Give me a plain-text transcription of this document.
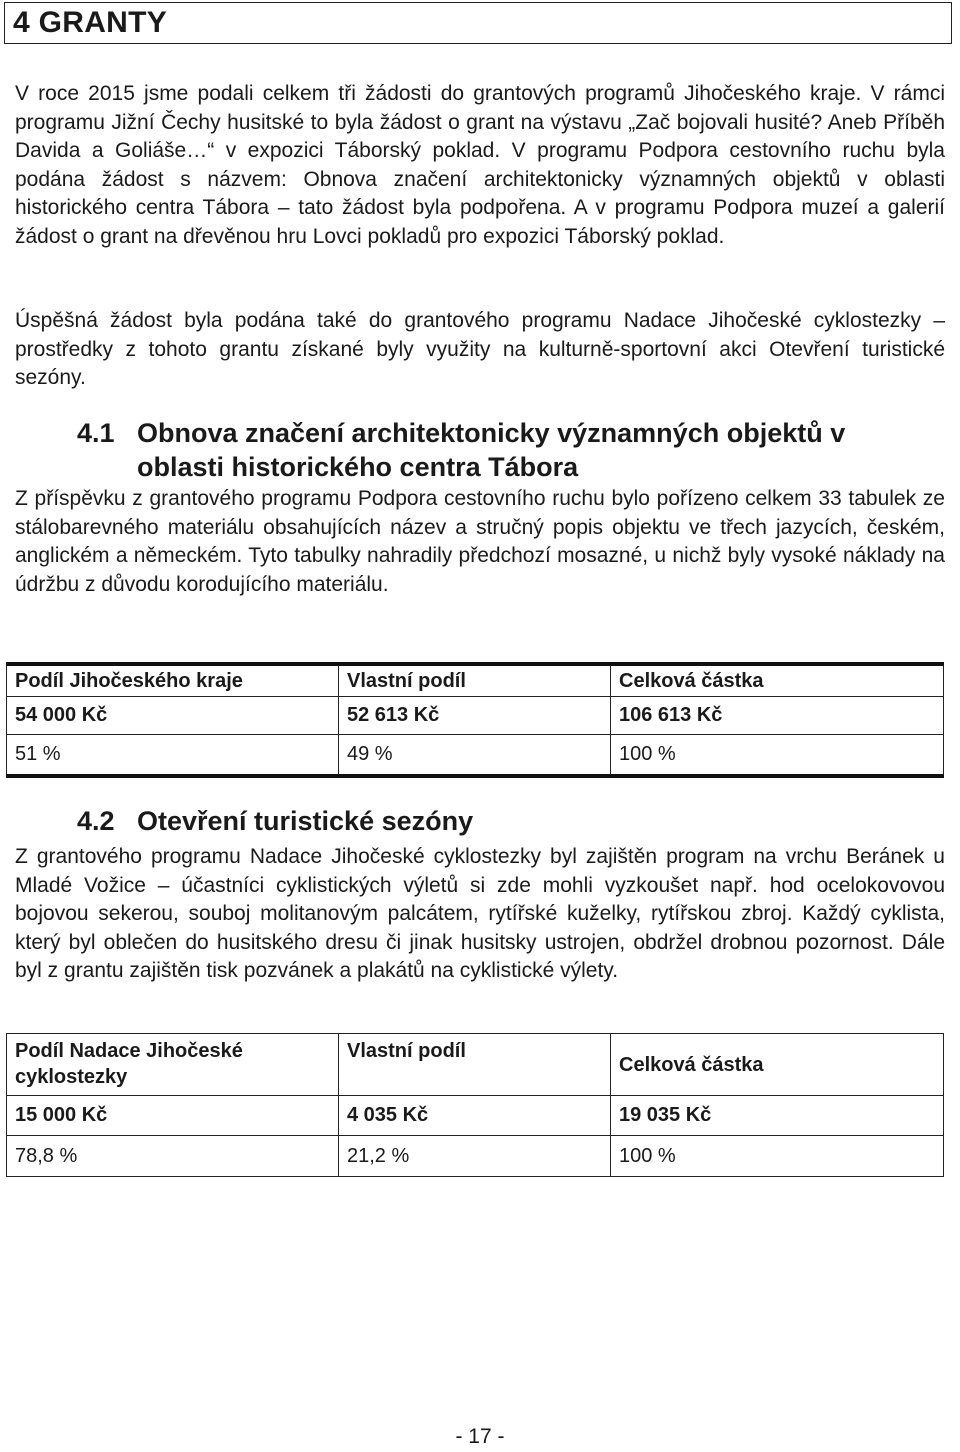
4 GRANTY

V roce 2015 jsme podali celkem tři žádosti do grantových programů Jihočeského kraje. V rámci programu Jižní Čechy husitské to byla žádost o grant na výstavu „Zač bojovali husité? Aneb Příběh Davida a Goliáše…“ v expozici Táborský poklad. V programu Podpora cestovního ruchu byla podána žádost s názvem: Obnova značení architektonicky významných objektů v oblasti historického centra Tábora – tato žádost byla podpořena. A v programu Podpora muzeí a galerií žádost o grant na dřevěnou hru Lovci pokladů pro expozici Táborský poklad.

Úspěšná žádost byla podána také do grantového programu Nadace Jihočeské cyklostezky – prostředky z tohoto grantu získané byly využity na kulturně-sportovní akci Otevření turistické sezóny.

4.1 Obnova značení architektonicky významných objektů v oblasti historického centra Tábora

Z příspěvku z grantového programu Podpora cestovního ruchu bylo pořízeno celkem 33 tabulek ze stálobarevného materiálu obsahujících název a stručný popis objektu ve třech jazycích, českém, anglickém a německém. Tyto tabulky nahradily předchozí mosazné, u nichž byly vysoké náklady na údržbu z důvodu korodujícího materiálu.

Podíl Jihočeského kraje	Vlastní podíl	Celková částka
54 000 Kč	52 613 Kč	106 613 Kč
51 %	49 %	100 %
4.2 Otevření turistické sezóny

Z grantového programu Nadace Jihočeské cyklostezky byl zajištěn program na vrchu Beránek u Mladé Vožice – účastníci cyklistických výletů si zde mohli vyzkoušet např. hod ocelokovovou bojovou sekerou, souboj molitanovým palcátem, rytířské kuželky, rytířskou zbroj. Každý cyklista, který byl oblečen do husitského dresu či jinak husitsky ustrojen, obdržel drobnou pozornost. Dále byl z grantu zajištěn tisk pozvánek a plakátů na cyklistické výlety.

Podíl Nadace Jihočeské cyklostezky	Vlastní podíl	Celková částka
15 000 Kč	4 035 Kč	19 035 Kč
78,8 %	21,2 %	100 %

- 17 -
